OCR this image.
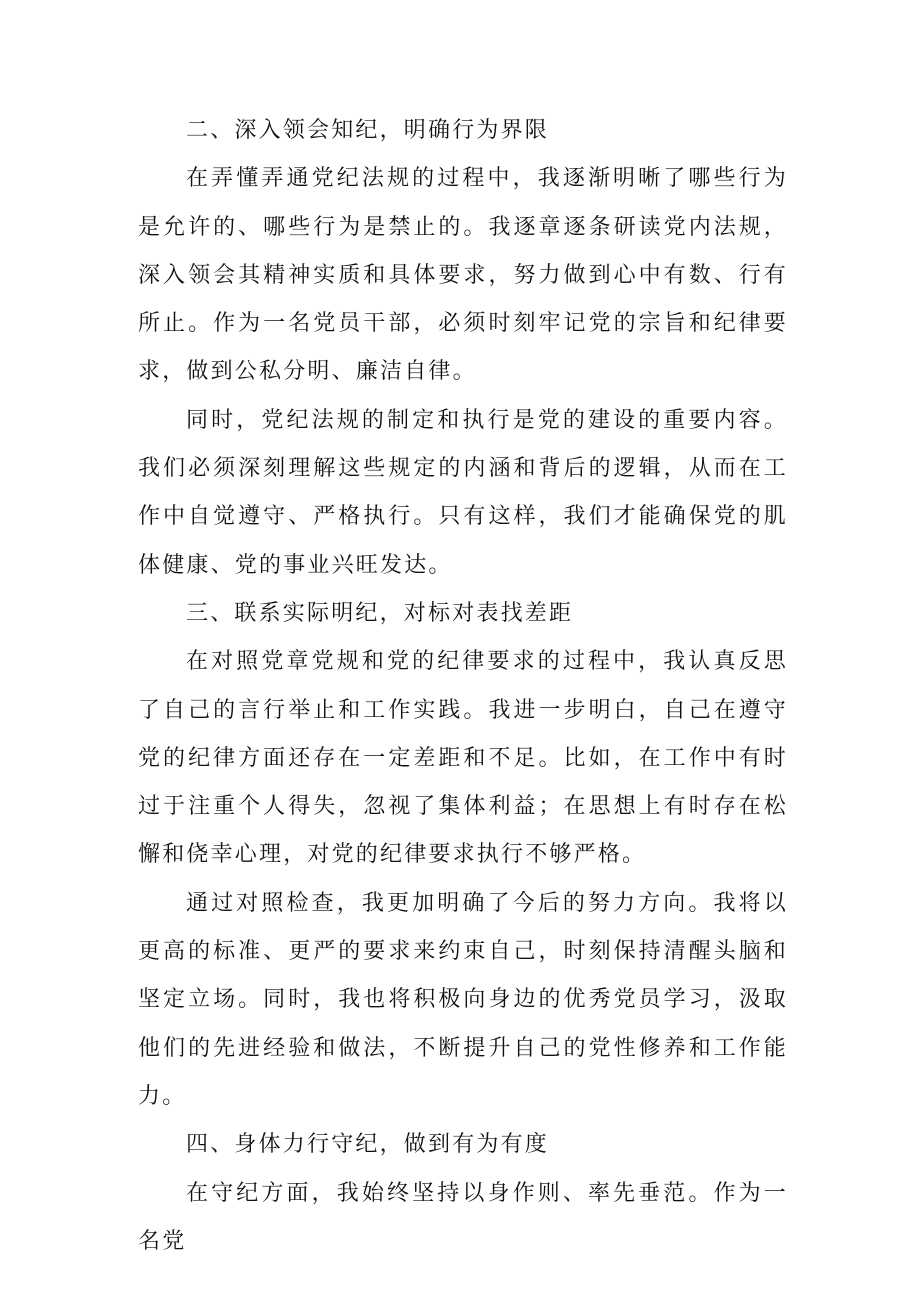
二、深入领会知纪，明确行为界限

在弄懂弄通党纪法规的过程中，我逐渐明晰了哪些行为是允许的、哪些行为是禁止的。我逐章逐条研读党内法规，深入领会其精神实质和具体要求，努力做到心中有数、行有所止。作为一名党员干部，必须时刻牢记党的宗旨和纪律要求，做到公私分明、廉洁自律。

同时，党纪法规的制定和执行是党的建设的重要内容。我们必须深刻理解这些规定的内涵和背后的逻辑，从而在工作中自觉遵守、严格执行。只有这样，我们才能确保党的肌体健康、党的事业兴旺发达。

三、联系实际明纪，对标对表找差距

在对照党章党规和党的纪律要求的过程中，我认真反思了自己的言行举止和工作实践。我进一步明白，自己在遵守党的纪律方面还存在一定差距和不足。比如，在工作中有时过于注重个人得失，忽视了集体利益；在思想上有时存在松懈和侥幸心理，对党的纪律要求执行不够严格。

通过对照检查，我更加明确了今后的努力方向。我将以更高的标准、更严的要求来约束自己，时刻保持清醒头脑和坚定立场。同时，我也将积极向身边的优秀党员学习，汲取他们的先进经验和做法，不断提升自己的党性修养和工作能力。

四、身体力行守纪，做到有为有度

在守纪方面，我始终坚持以身作则、率先垂范。作为一名党
